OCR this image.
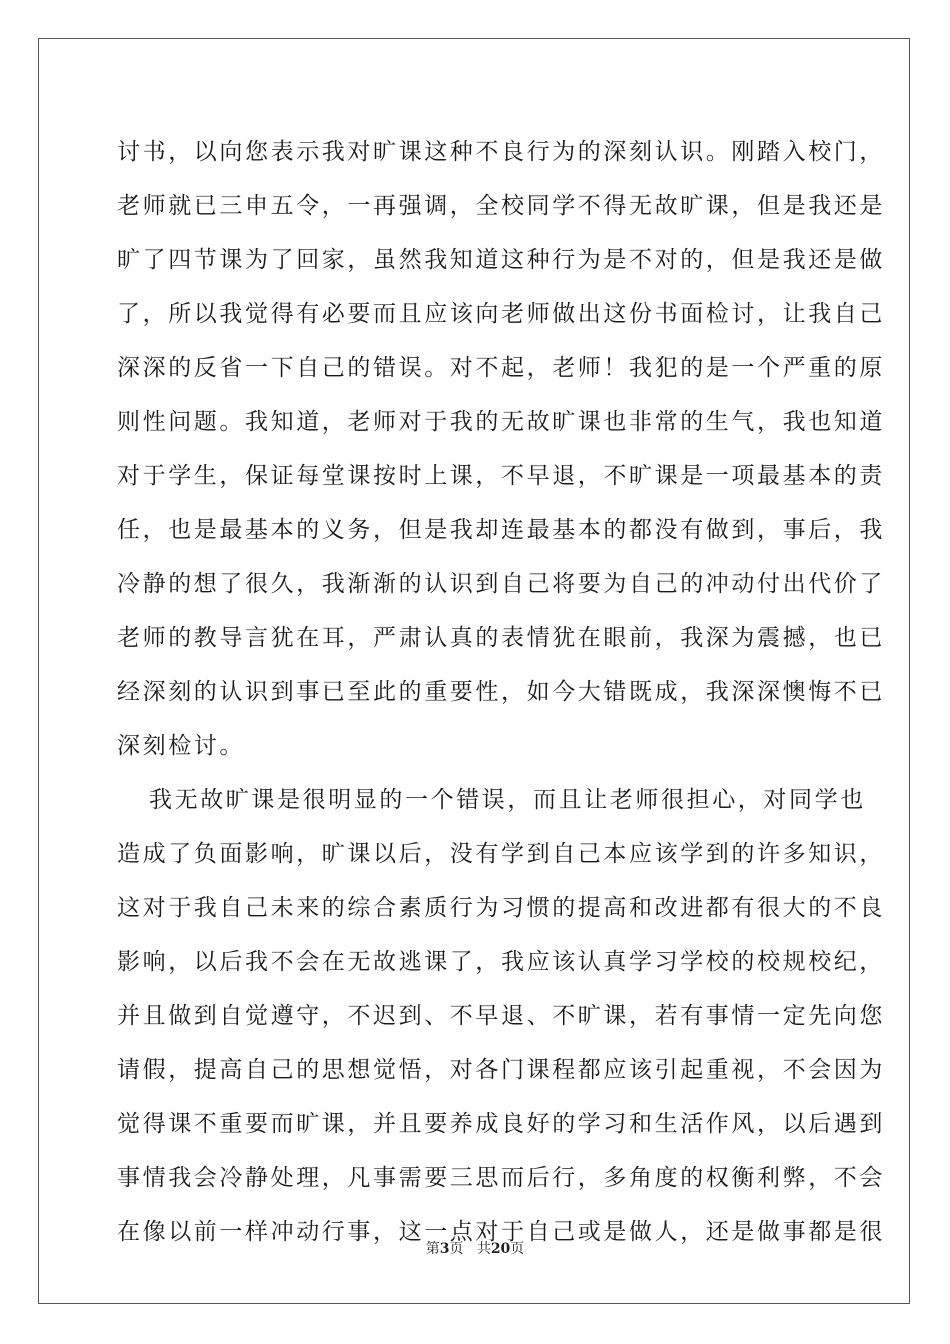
讨书，以向您表示我对旷课这种不良行为的深刻认识。刚踏入校门，
老师就已三申五令，一再强调，全校同学不得无故旷课，但是我还是
旷了四节课为了回家，虽然我知道这种行为是不对的，但是我还是做
了，所以我觉得有必要而且应该向老师做出这份书面检讨，让我自己
深深的反省一下自己的错误。对不起，老师！我犯的是一个严重的原
则性问题。我知道，老师对于我的无故旷课也非常的生气，我也知道
对于学生，保证每堂课按时上课，不早退，不旷课是一项最基本的责
任，也是最基本的义务，但是我却连最基本的都没有做到，事后，我
冷静的想了很久，我渐渐的认识到自己将要为自己的冲动付出代价了
老师的教导言犹在耳，严肃认真的表情犹在眼前，我深为震撼，也已
经深刻的认识到事已至此的重要性，如今大错既成，我深深懊悔不已
深刻检讨。
我无故旷课是很明显的一个错误，而且让老师很担心，对同学也
造成了负面影响，旷课以后，没有学到自己本应该学到的许多知识，
这对于我自己未来的综合素质行为习惯的提高和改进都有很大的不良
影响，以后我不会在无故逃课了，我应该认真学习学校的校规校纪，
并且做到自觉遵守，不迟到、不早退、不旷课，若有事情一定先向您
请假，提高自己的思想觉悟，对各门课程都应该引起重视，不会因为
觉得课不重要而旷课，并且要养成良好的学习和生活作风，以后遇到
事情我会冷静处理，凡事需要三思而后行，多角度的权衡利弊，不会
在像以前一样冲动行事，这一点对于自己或是做人，还是做事都是很
第3页 共20页
